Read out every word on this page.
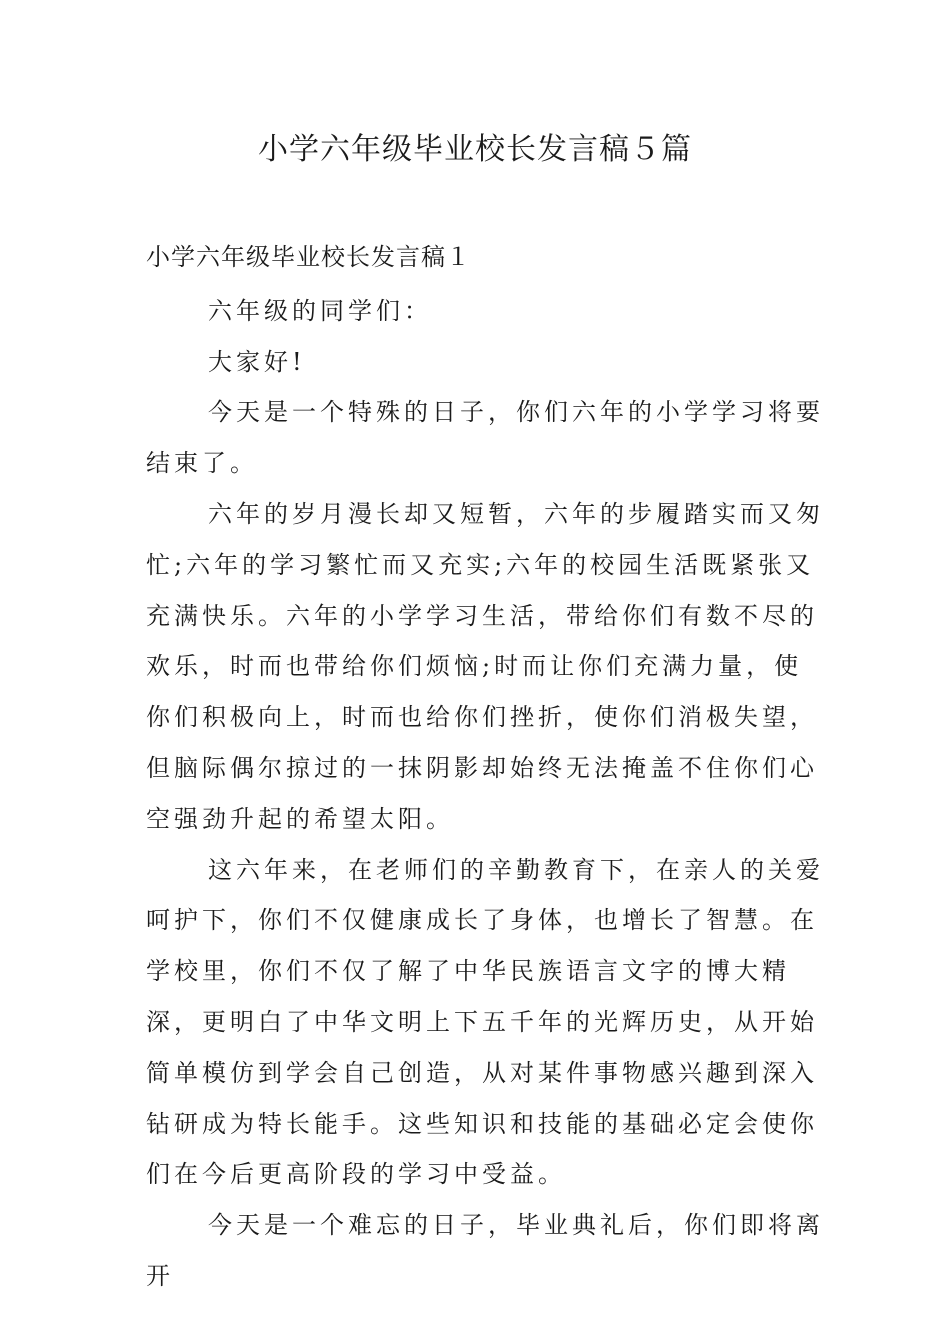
小学六年级毕业校长发言稿５篇

小学六年级毕业校长发言稿１

六年级的同学们：

大家好!

今天是一个特殊的日子，你们六年的小学学习将要结束了。

六年的岁月漫长却又短暂，六年的步履踏实而又匆忙;六年的学习繁忙而又充实;六年的校园生活既紧张又充满快乐。六年的小学学习生活，带给你们有数不尽的欢乐，时而也带给你们烦恼;时而让你们充满力量，使你们积极向上，时而也给你们挫折，使你们消极失望，但脑际偶尔掠过的一抹阴影却始终无法掩盖不住你们心空强劲升起的希望太阳。

这六年来，在老师们的辛勤教育下，在亲人的关爱呵护下，你们不仅健康成长了身体，也增长了智慧。在学校里，你们不仅了解了中华民族语言文字的博大精深，更明白了中华文明上下五千年的光辉历史，从开始简单模仿到学会自己创造，从对某件事物感兴趣到深入钻研成为特长能手。这些知识和技能的基础必定会使你们在今后更高阶段的学习中受益。

今天是一个难忘的日子，毕业典礼后，你们即将离开
